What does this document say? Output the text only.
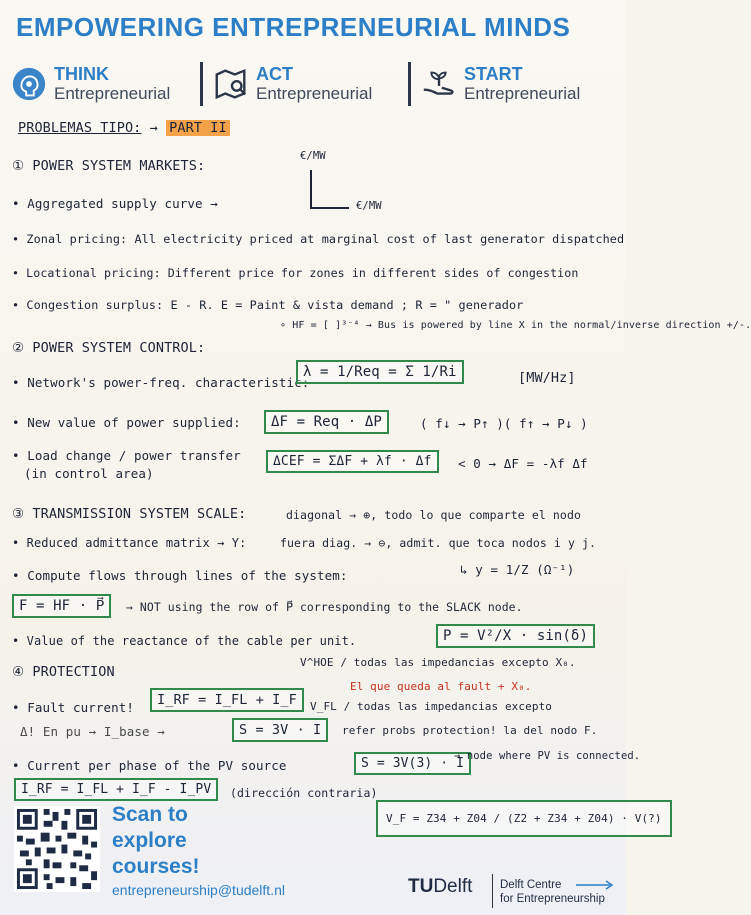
EMPOWERING ENTREPRENEURIAL MINDS
THINK
Entrepreneurial
ACT
Entrepreneurial
START
Entrepreneurial
PROBLEMAS TIPO: → PART II
① POWER SYSTEM MARKETS:
€/MW
€/MW
• Aggregated supply curve →
• Zonal pricing: All electricity priced at marginal cost of last generator dispatched
• Locational pricing: Different price for zones in different sides of congestion
• Congestion surplus: E - R. E = Paint & vista demand ; R = " generador
∘ HF = [ ]³⁻⁴ → Bus is powered by line X in the normal/inverse direction +/-.
② POWER SYSTEM CONTROL:
• Network's power-freq. characteristic:
λ = 1/Req = Σ 1/Ri	[MW/Hz]
• New value of power supplied:	ΔF = Req · ΔP	( f↓ → P↑ )( f↑ → P↓ )
• Load change / power transfer
(in control area)
ΔCEF = ΣΔF + λf · Δf	< 0 → ΔF = -λf Δf
③ TRANSMISSION SYSTEM SCALE:	diagonal → ⊕, todo lo que comparte el nodo
• Reduced admittance matrix → Y:	fuera diag. → ⊖, admit. que toca nodos i y j.
↳ y = 1/Z (Ω⁻¹)
• Compute flows through lines of the system:
F = HF · P⃗	→ NOT using the row of P⃗ corresponding to the SLACK node.
• Value of the reactance of the cable per unit.	P = V²/X · sin(δ)
V^HOE / todas las impedancias excepto X₀.
④ PROTECTION
El que queda al fault + X₀.
• Fault current!	I_RF = I_FL + I_F	V_FL / todas las impedancias excepto
Δ! En pu → I_base →	S = 3V · I	refer probs protection! la del nodo F.
• Current per phase of the PV source	S = 3V(3) · I
→ node where PV is connected.
I_RF = I_FL + I_F - I_PV	(dirección contraria)
V_F = Z34 + Z04 / (Z2 + Z34 + Z04) · V(?)
Scan to
explore
courses!
entrepreneurship@tudelft.nl	TUDelft Delft Centre
for Entrepreneurship
